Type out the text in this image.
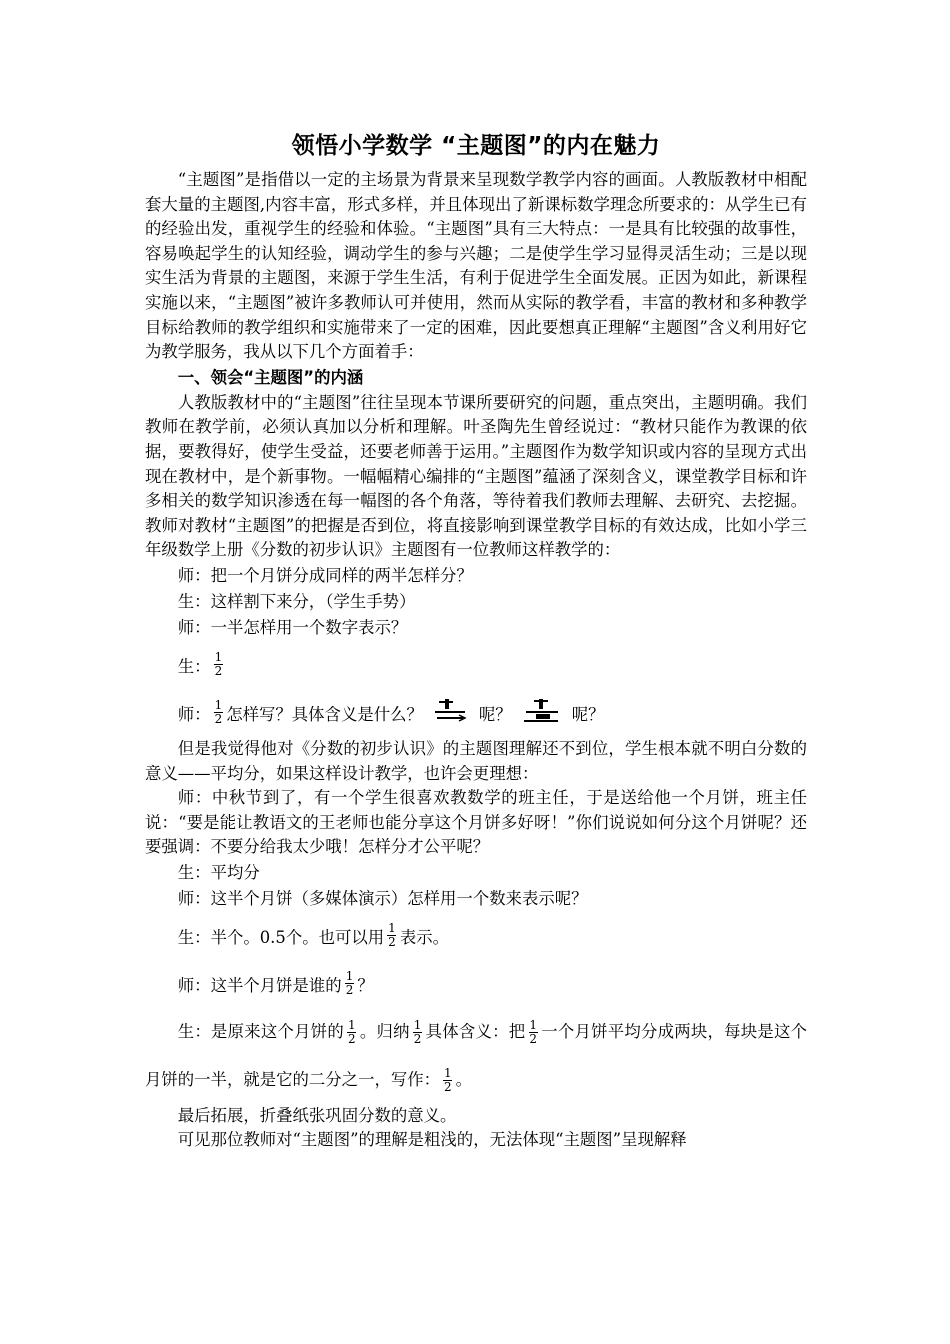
领悟小学数学 “主题图”的内在魅力

“主题图”是指借以一定的主场景为背景来呈现数学教学内容的画面。人教版教材中相配套大量的主题图,内容丰富，形式多样，并且体现出了新课标数学理念所要求的：从学生已有的经验出发，重视学生的经验和体验。“主题图”具有三大特点：一是具有比较强的故事性，容易唤起学生的认知经验，调动学生的参与兴趣；二是使学生学习显得灵活生动；三是以现实生活为背景的主题图，来源于学生生活，有利于促进学生全面发展。正因为如此，新课程实施以来，“主题图”被许多教师认可并使用，然而从实际的教学看，丰富的教材和多种教学目标给教师的教学组织和实施带来了一定的困难，因此要想真正理解“主题图”含义利用好它为教学服务，我从以下几个方面着手：

一、领会“主题图”的内涵

人教版教材中的“主题图”往往呈现本节课所要研究的问题，重点突出，主题明确。我们教师在教学前，必须认真加以分析和理解。叶圣陶先生曾经说过：“教材只能作为教课的依据，要教得好，使学生受益，还要老师善于运用。”主题图作为数学知识或内容的呈现方式出现在教材中，是个新事物。一幅幅精心编排的“主题图”蕴涵了深刻含义，课堂教学目标和许多相关的数学知识渗透在每一幅图的各个角落，等待着我们教师去理解、去研究、去挖掘。教师对教材“主题图”的把握是否到位，将直接影响到课堂教学目标的有效达成，比如小学三年级数学上册《分数的初步认识》主题图有一位教师这样教学的：

师：把一个月饼分成同样的两半怎样分？

生：这样割下来分，（学生手势）

师：一半怎样用一个数字表示？

生： $\frac{1}{2}$
师： $\frac{1}{2}$ 怎样写？具体含义是什么？	呢？	呢？

但是我觉得他对《分数的初步认识》的主题图理解还不到位，学生根本就不明白分数的意义——平均分，如果这样设计教学，也许会更理想：

师：中秋节到了，有一个学生很喜欢教数学的班主任，于是送给他一个月饼，班主任说：“要是能让教语文的王老师也能分享这个月饼多好呀！”你们说说如何分这个月饼呢？还要强调：不要分给我太少哦！怎样分才公平呢？

生：平均分

师：这半个月饼（多媒体演示）怎样用一个数来表示呢？

生：半个。0.5个。也可以用 $\frac{1}{2}$ 表示。
师：这半个月饼是谁的 $\frac{1}{2}$ ？

生：是原来这个月饼的 $\frac{1}{2}$ 。归纳 $\frac{1}{2}$ 具体含义：把 $\frac{1}{2}$ 一个月饼平均分成两块，每块是这个月饼的一半，就是它的二分之一，写作： $\frac{1}{2}$ 。

最后拓展，折叠纸张巩固分数的意义。

可见那位教师对“主题图”的理解是粗浅的，无法体现“主题图”呈现解释
